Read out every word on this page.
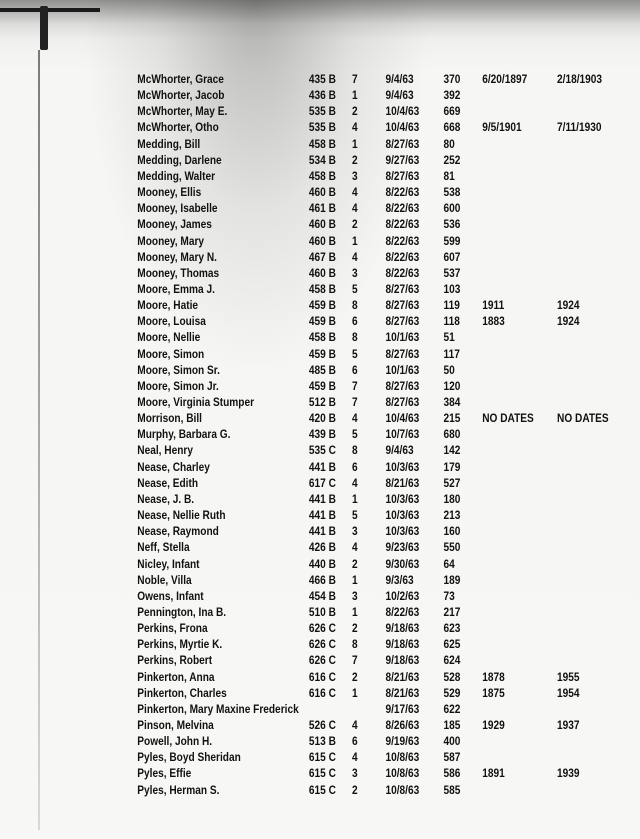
McWhorter, Grace	435 B 7 9/4/63	370 6/20/1897	2/18/1903
McWhorter, Jacob	436 B 1 9/4/63	392
McWhorter, May E.	535 B 2 10/4/63 669
McWhorter, Otho	535 B 4 10/4/63 668 9/5/1901	7/11/1930
Medding, Bill	458 B 1 8/27/63 80
Medding, Darlene	534 B 2 9/27/63 252
Medding, Walter	458 B 3 8/27/63 81
Mooney, Ellis	460 B 4 8/22/63 538
Mooney, Isabelle	461 B 4 8/22/63 600
Mooney, James	460 B 2 8/22/63 536
Mooney, Mary	460 B 1 8/22/63 599
Mooney, Mary N.	467 B 4 8/22/63 607
Mooney, Thomas	460 B 3 8/22/63 537
Moore, Emma J.	458 B 5 8/27/63 103
Moore, Hatie	459 B 8 8/27/63 119 1911	1924
Moore, Louisa	459 B 6 8/27/63 118 1883	1924
Moore, Nellie	458 B 8 10/1/63 51
Moore, Simon	459 B 5 8/27/63 117
Moore, Simon Sr.	485 B 6 10/1/63 50
Moore, Simon Jr.	459 B 7 8/27/63 120
Moore, Virginia Stumper	512 B 7 8/27/63 384
Morrison, Bill	420 B 4 10/4/63 215 NO DATES NO DATES
Murphy, Barbara G.	439 B 5 10/7/63 680
Neal, Henry	535 C 8 9/4/63	142
Nease, Charley	441 B 6 10/3/63 179
Nease, Edith	617 C 4 8/21/63 527
Nease, J. B.	441 B 1 10/3/63 180
Nease, Nellie Ruth	441 B 5 10/3/63 213
Nease, Raymond	441 B 3 10/3/63 160
Neff, Stella	426 B 4 9/23/63 550
Nicley, Infant	440 B 2 9/30/63 64
Noble, Villa	466 B 1 9/3/63	189
Owens, Infant	454 B 3 10/2/63 73
Pennington, Ina B.	510 B 1 8/22/63 217
Perkins, Frona	626 C 2 9/18/63 623
Perkins, Myrtie K.	626 C 8 9/18/63 625
Perkins, Robert	626 C 7 9/18/63 624
Pinkerton, Anna	616 C 2 8/21/63 528 1878	1955
Pinkerton, Charles	616 C 1 8/21/63 529 1875	1954
Pinkerton, Mary Maxine Frederick	9/17/63 622
Pinson, Melvina	526 C 4 8/26/63 185 1929	1937
Powell, John H.	513 B 6 9/19/63 400
Pyles, Boyd Sheridan	615 C 4 10/8/63 587
Pyles, Effie	615 C 3 10/8/63 586 1891	1939
Pyles, Herman S.	615 C 2 10/8/63 585
